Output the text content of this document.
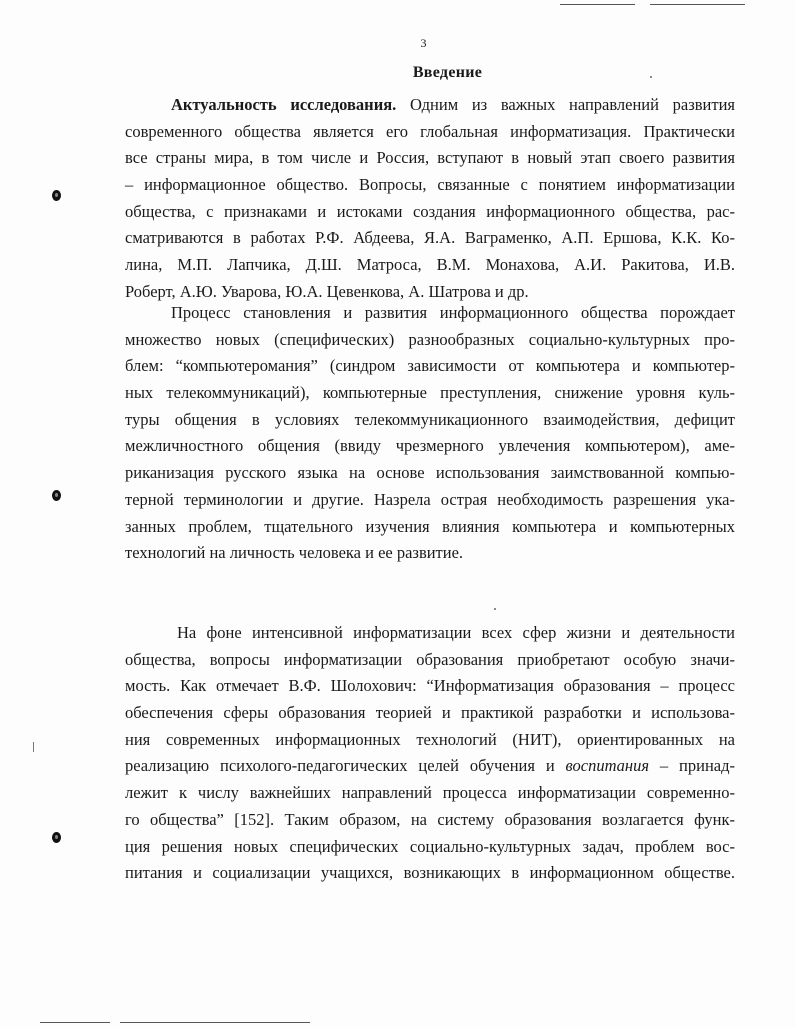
3
Введение
Актуальность исследования. Одним из важных направлений развития
современного общества является его глобальная информатизация. Практически
все страны мира, в том числе и Россия, вступают в новый этап своего развития
– информационное общество. Вопросы, связанные с понятием информатизации
общества, с признаками и истоками создания информационного общества, рас-
сматриваются в работах Р.Ф. Абдеева, Я.А. Ваграменко, А.П. Ершова, К.К. Ко-
лина, М.П. Лапчика, Д.Ш. Матроса, В.М. Монахова, А.И. Ракитова, И.В.
Роберт, А.Ю. Уварова, Ю.А. Цевенкова, А. Шатрова и др.
Процесс становления и развития информационного общества порождает
множество новых (специфических) разнообразных социально-культурных про-
блем: “компьютеромания” (синдром зависимости от компьютера и компьютер-
ных телекоммуникаций), компьютерные преступления, снижение уровня куль-
туры общения в условиях телекоммуникационного взаимодействия, дефицит
межличностного общения (ввиду чрезмерного увлечения компьютером), аме-
риканизация русского языка на основе использования заимствованной компью-
терной терминологии и другие. Назрела острая необходимость разрешения ука-
занных проблем, тщательного изучения влияния компьютера и компьютерных
технологий на личность человека и ее развитие.
На фоне интенсивной информатизации всех сфер жизни и деятельности
общества, вопросы информатизации образования приобретают особую значи-
мость. Как отмечает В.Ф. Шолохович: “Информатизация образования – процесс
обеспечения сферы образования теорией и практикой разработки и использова-
ния современных информационных технологий (НИТ), ориентированных на
реализацию психолого-педагогических целей обучения и воспитания – принад-
лежит к числу важнейших направлений процесса информатизации современно-
го общества” [152]. Таким образом, на систему образования возлагается функ-
ция решения новых специфических социально-культурных задач, проблем вос-
питания и социализации учащихся, возникающих в информационном обществе.
